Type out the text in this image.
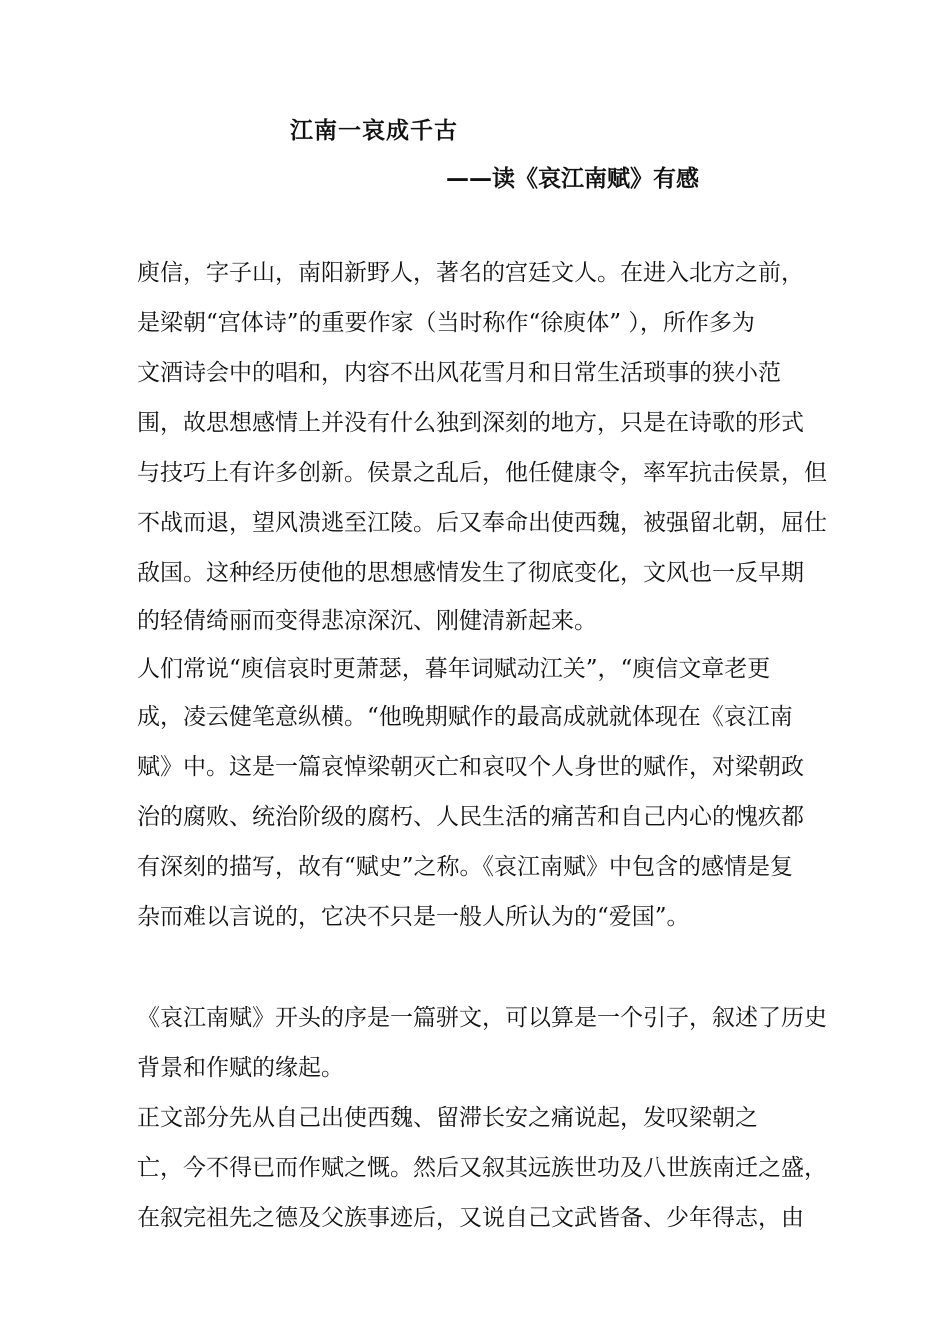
江南一哀成千古
——读《哀江南赋》有感
庾信，字子山，南阳新野人，著名的宫廷文人。在进入北方之前，
是梁朝“宫体诗”的重要作家（当时称作“徐庾体” ），所作多为
文酒诗会中的唱和，内容不出风花雪月和日常生活琐事的狭小范
围，故思想感情上并没有什么独到深刻的地方，只是在诗歌的形式
与技巧上有许多创新。侯景之乱后，他任健康令，率军抗击侯景，但
不战而退，望风溃逃至江陵。后又奉命出使西魏，被强留北朝，屈仕
敌国。这种经历使他的思想感情发生了彻底变化，文风也一反早期
的轻倩绮丽而变得悲凉深沉、刚健清新起来。
人们常说“庾信哀时更萧瑟，暮年词赋动江关”，“庾信文章老更
成，凌云健笔意纵横。“他晚期赋作的最高成就就体现在《哀江南
赋》中。这是一篇哀悼梁朝灭亡和哀叹个人身世的赋作，对梁朝政
治的腐败、统治阶级的腐朽、人民生活的痛苦和自己内心的愧疚都
有深刻的描写，故有“赋史”之称。《哀江南赋》中包含的感情是复
杂而难以言说的，它决不只是一般人所认为的“爱国”。
《哀江南赋》开头的序是一篇骈文，可以算是一个引子，叙述了历史
背景和作赋的缘起。
正文部分先从自己出使西魏、留滞长安之痛说起，发叹梁朝之
亡，今不得已而作赋之慨。然后又叙其远族世功及八世族南迁之盛，
在叙完祖先之德及父族事迹后，又说自己文武皆备、少年得志，由
